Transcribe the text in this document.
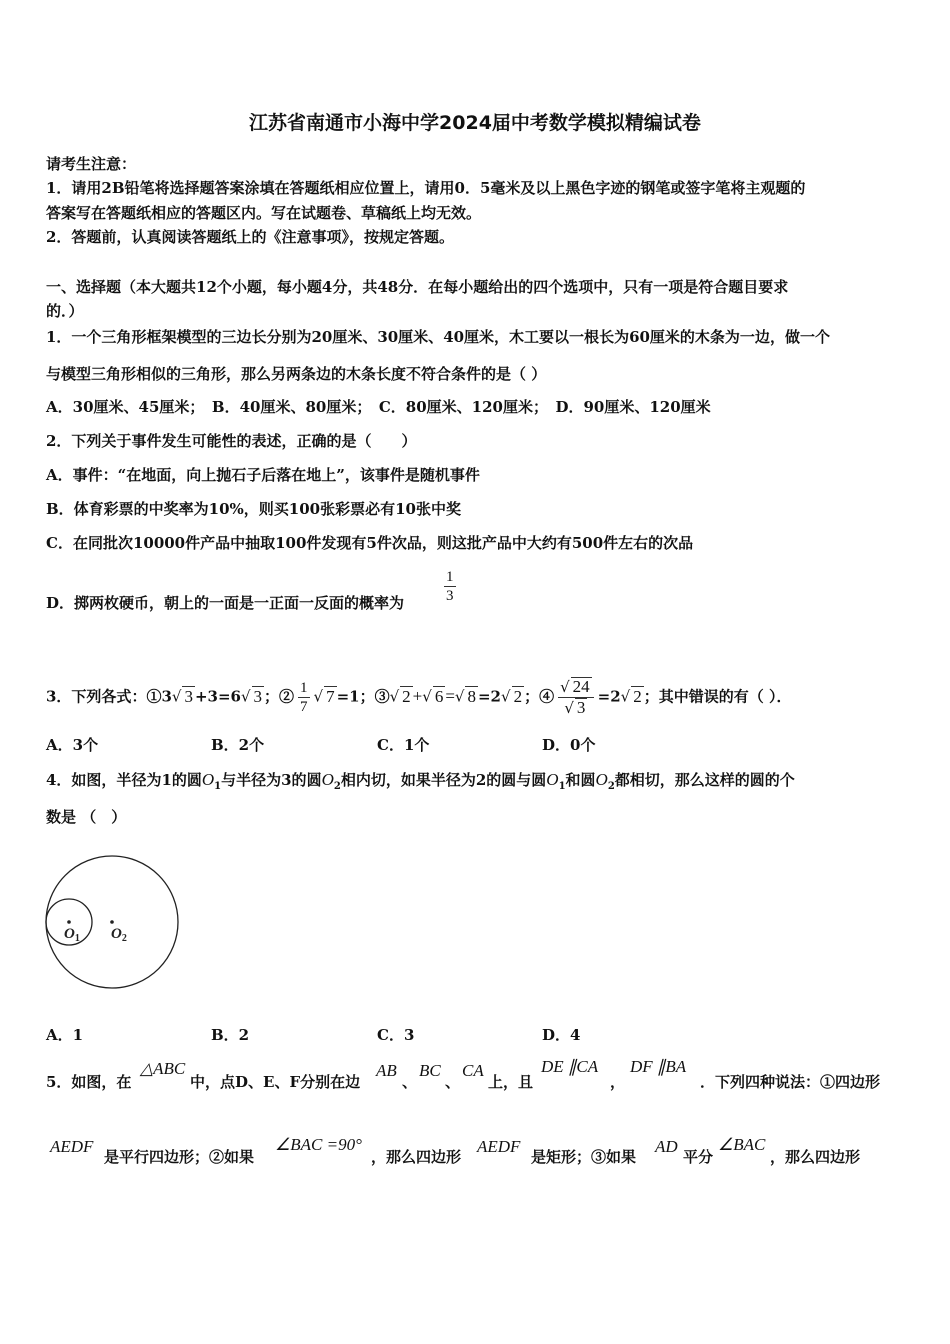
江苏省南通市小海中学2024届中考数学模拟精编试卷
请考生注意：
1．请用2B铅笔将选择题答案涂填在答题纸相应位置上，请用0．5毫米及以上黑色字迹的钢笔或签字笔将主观题的
答案写在答题纸相应的答题区内。写在试题卷、草稿纸上均无效。
2．答题前，认真阅读答题纸上的《注意事项》，按规定答题。
一、选择题（本大题共12个小题，每小题4分，共48分．在每小题给出的四个选项中，只有一项是符合题目要求
的．）
1．一个三角形框架模型的三边长分别为20厘米、30厘米、40厘米，木工要以一根长为60厘米的木条为一边，做一个
与模型三角形相似的三角形，那么另两条边的木条长度不符合条件的是（ ）
A．30厘米、45厘米；　B．40厘米、80厘米；　C．80厘米、120厘米；　D．90厘米、120厘米
2．下列关于事件发生可能性的表述，正确的是（　　）
A．事件：“在地面，向上抛石子后落在地上”，该事件是随机事件
B．体育彩票的中奖率为10%，则买100张彩票必有10张中奖
C．在同批次10000件产品中抽取100件发现有5件次品，则这批产品中大约有500件左右的次品
D．掷两枚硬币，朝上的一面是一正面一反面的概率为	$\frac{1}{3}$
3．下列各式：①3√ 3 +3=6√ 3 ；② $\frac{1}{7}$ √ 7 =1；③√ 2 +√ 6 =√ 8 =2√ 2 ；④ $\frac{√ 24}{√ 3} =2√$ 2 ；其中错误的有（ ）．
A．3个	B．2个	C．1个	D．0个
4．如图，半径为1的圆$O_1$与半径为3的圆$O_2$相内切，如果半径为2的圆与圆$O_1$和圆$O_2$都相切，那么这样的圆的个
数是 （　）
$O_1$ $O_2$
A．1	B．2	C．3	D．4
5．如图，在
△ABC
中，点D、E、F分别在边
AB
、
BC
、
CA
上，且
DE ∥CA
，
DF ∥BA
．下列四种说法：①四边形
AEDF
是平行四边形；②如果
∠BAC =90°
，那么四边形
AEDF
是矩形；③如果
AD
平分
∠BAC
，那么四边形
